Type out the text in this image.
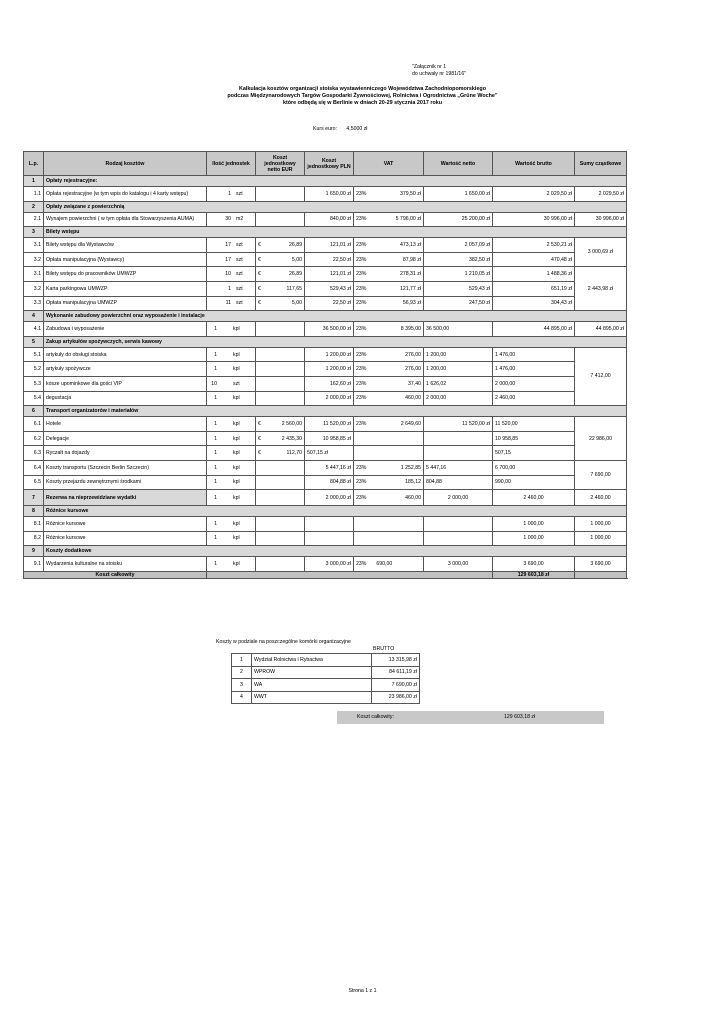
"Załącznik nr 1
do uchwały nr 1981/16"
Kalkulacja kosztów organizacji stoiska wystawienniczego Województwa Zachodniopomorskiego
podczas Międzynarodowych Targów Gospodarki Żywnościowej, Rolnictwa i Ogrodnictwa „Grüne Woche”
które odbędą się w Berlinie w dniach 20-29 stycznia 2017 roku
Kurs euro: 4,5000 zł
L.p.	Rodzaj kosztów	Ilość jednostek	Koszt jednostkowy netto EUR	Koszt jednostkowy PLN	VAT	Wartość netto	Wartość brutto	Sumy cząstkowe	
1	Opłaty rejestracyjne:								
1.1	Opłata rejestracyjne (w tym wpis do katalogu i 4 karty wstępu)	1 szt		1 650,00 zł	23% 379,50 zł	1 650,00 zł	2 029,50 zł	2 029,50 zł	
2	Opłaty związane z powierzchnią								
2.1	Wynajem powierzchni ( w tym opłata dla Stowarzyszenia AUMA)	30 m2		840,00 zł	23% 5 796,00 zł	25 200,00 zł	30 996,00 zł	30 996,00 zł	
3	Bilety wstępu								
3.1	Bilety wstępu dla Wystawców	17 szt	€ 26,89	121,01 zł	23% 473,13 zł	2 057,09 zł	2 530,21 zł	3 000,69 zł	
3.2	Opłata manipulacyjna (Wystawcy)	17 szt	€ 5,00	22,50 zł	23% 87,98 zł	382,50 zł	470,48 zł		
3.1	Bilety wstępu do pracowników UMWZP	10 szt	€ 26,89	121,01 zł	23% 278,31 zł	1 210,05 zł	1 488,36 zł	2 443,98 zł	
3.2	Karta parkingowa UMWZP	1 szt	€ 117,65	529,43 zł	23% 121,77 zł	529,43 zł	651,19 zł		
3.3	Opłata manipulacyjna UMWZP	11 szt	€ 5,00	22,50 zł	23% 56,93 zł	247,50 zł	304,43 zł		
4	Wykonanie zabudowy powierzchni oraz wyposażenie i instalacje								
4.1	Zabudowa i wyposażenie	1 kpl		36 500,00 zł	23% 8 395,00	36 500,00	44 895,00 zł	44 895,00 zł	
5	Zakup artykułów spożywczych, serwis kawowy								
5.1	artykuły do obsługi stoiska	1 kpl		1 200,00 zł	23% 276,00	1 200,00	1 476,00	7 412,00	
5.2	artykuły spożywcze	1 kpl		1 200,00 zł	23% 276,00	1 200,00	1 476,00		
5.3	kosze upominkowe dla gości VIP	10 szt		162,60 zł	23% 37,40	1 626,02	2 000,00		
5.4	degustacja	1 kpl		2 000,00 zł	23% 460,00	2 000,00	2 460,00		
6	Transport organizatorów i materiałów								
6.1	Hotele	1 kpl	€ 2 560,00	11 520,00 zł	23% 2 649,60	11 520,00 zł	11 520,00	22 986,00	
6.2	Delegacje	1 kpl	€ 2 435,30	10 958,85 zł			10 958,85		
6.3	Ryczałt na dojazdy	1 kpl	€ 112,70	507,15 zł			507,15		
6.4	Koszty transportu (Szczecin Berlin Szczecin)	1 kpl		5 447,16 zł	23% 1 252,85	5 447,16	6 700,00	7 690,00	
6.5	Koszty przejazdu zewnętrznymi środkami	1 kpl		804,88 zł	23% 185,12	804,88	990,00		
7	Rezerwa na nieprzewidziane wydatki	1 kpl		2 000,00 zł	23% 460,00	2 000,00	2 460,00	2 460,00	
8	Różnice kursowe								
8.1	Różnice kursowe	1 kpl					1 000,00	1 000,00	
8.2	Różnice kursowe	1 kpl					1 000,00	1 000,00	
9	Koszty dodatkowe								
9.1	Wydarzenia kulturalne na stoisku	1 kpl		3 000,00 zł	23% 690,00	3 000,00	3 690,00	3 690,00	
Koszt całkowity							129 603,18 zł		
Koszty w podziale na poszczególne komórki organizacyjne
BRUTTO
1	Wydział Rolnictwa i Rybactwa	13 315,98 zł
2	WPROW	84 611,19 zł
3	WA	7 690,00 zł
4	WWT	23 986,00 zł
Koszt całkowity:	129 603,18 zł
Strona 1 z 1
